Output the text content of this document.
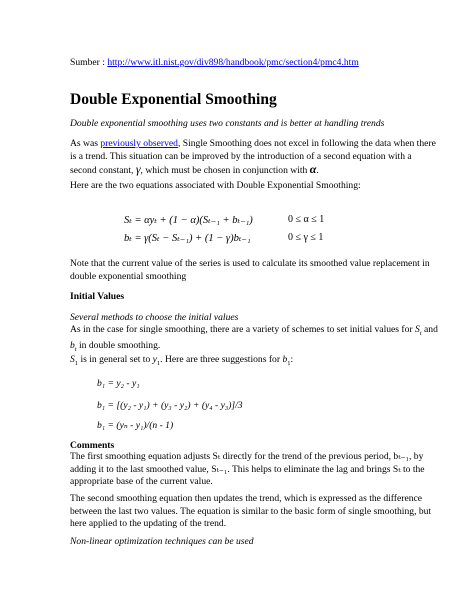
Sumber : http://www.itl.nist.gov/div898/handbook/pmc/section4/pmc4.htm
Double Exponential Smoothing
Double exponential smoothing uses two constants and is better at handling trends
As was previously observed, Single Smoothing does not excel in following the data when there is a trend. This situation can be improved by the introduction of a second equation with a second constant, γ, which must be chosen in conjunction with α.
Here are the two equations associated with Double Exponential Smoothing:
Sₜ = αyₜ + (1 − α)(Sₜ₋₁ + bₜ₋₁)	0 ≤ α ≤ 1
bₜ = γ(Sₜ − Sₜ₋₁) + (1 − γ)bₜ₋₁	0 ≤ γ ≤ 1
Note that the current value of the series is used to calculate its smoothed value replacement in double exponential smoothing
Initial Values
Several methods to choose the initial values
As in the case for single smoothing, there are a variety of schemes to set initial values for $S_t$ and $b_t$ in double smoothing.
$S_1$ is in general set to $y_1$. Here are three suggestions for $b_1$:
b₁ = y₂ - y₁
b₁ = [(y₂ - y₁) + (y₃ - y₂) + (y₄ - y₃)]/3
b₁ = (yₙ - y₁)/(n - 1)
Comments
The first smoothing equation adjusts Sₜ directly for the trend of the previous period, bₜ₋₁, by adding it to the last smoothed value, Sₜ₋₁. This helps to eliminate the lag and brings Sₜ to the appropriate base of the current value.
The second smoothing equation then updates the trend, which is expressed as the difference between the last two values. The equation is similar to the basic form of single smoothing, but here applied to the updating of the trend.
Non-linear optimization techniques can be used
